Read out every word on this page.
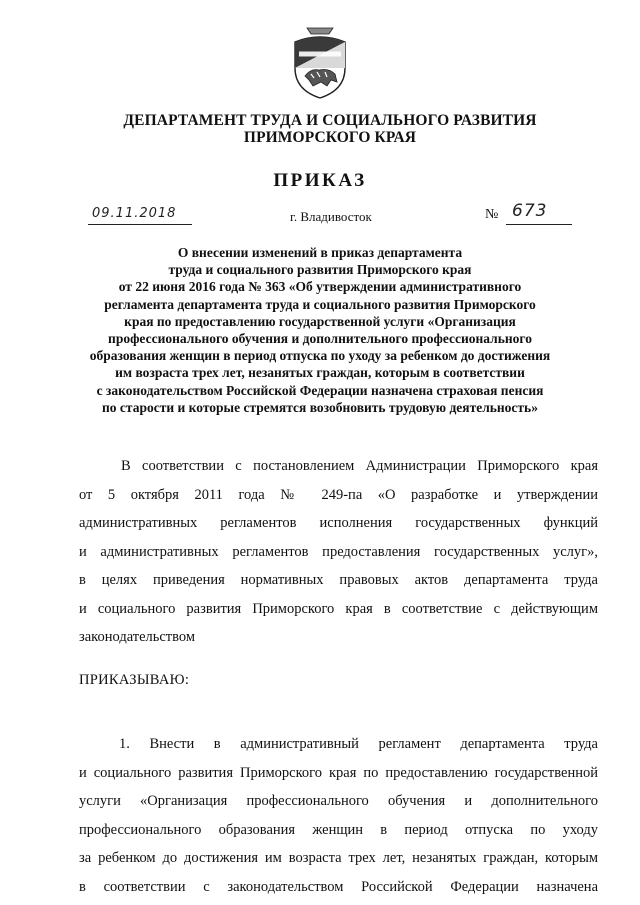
ДЕПАРТАМЕНТ ТРУДА И СОЦИАЛЬНОГО РАЗВИТИЯ
ПРИМОРСКОГО КРАЯ
ПРИКАЗ
09.11.2018	г. Владивосток	№ 673
О внесении изменений в приказ департамента
труда и социального развития Приморского края
от 22 июня 2016 года № 363 «Об утверждении административного
регламента департамента труда и социального развития Приморского
края по предоставлению государственной услуги «Организация
профессионального обучения и дополнительного профессионального
образования женщин в период отпуска по уходу за ребенком до достижения
им возраста трех лет, незанятых граждан, которым в соответствии
с законодательством Российской Федерации назначена страховая пенсия
по старости и которые стремятся возобновить трудовую деятельность»
В соответствии с постановлением Администрации Приморского края
от 5 октября 2011 года № 249-па «О разработке и утверждении
административных регламентов исполнения государственных функций
и административных регламентов предоставления государственных услуг»,
в целях приведения нормативных правовых актов департамента труда
и социального развития Приморского края в соответствие с действующим
законодательством
ПРИКАЗЫВАЮ:
1. Внести в административный регламент департамента труда
и социального развития Приморского края по предоставлению государственной
услуги «Организация профессионального обучения и дополнительного
профессионального образования женщин в период отпуска по уходу
за ребенком до достижения им возраста трех лет, незанятых граждан, которым
в соответствии с законодательством Российской Федерации назначена
